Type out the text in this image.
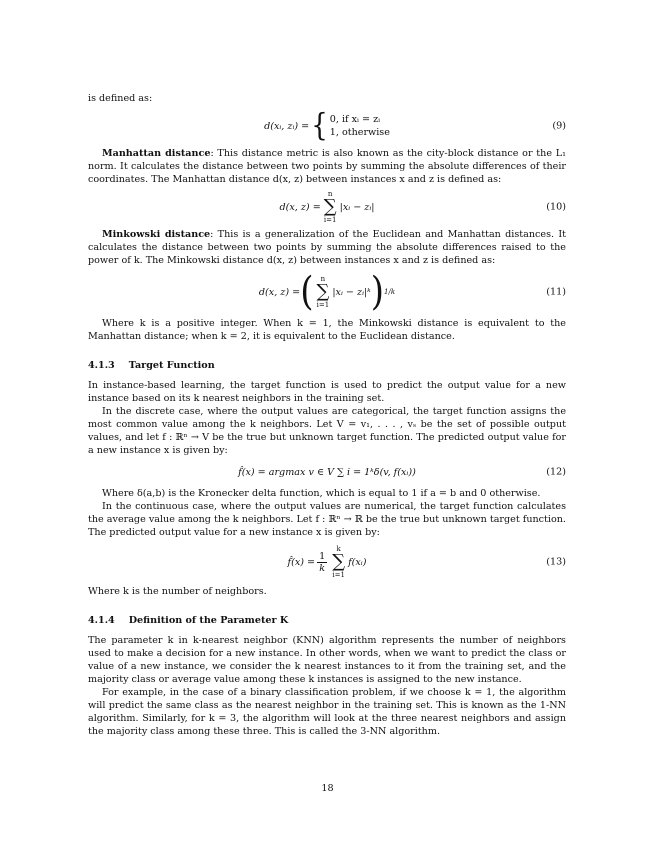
is defined as:

d(xᵢ, zᵢ) = { 0, if xᵢ = zᵢ
1, otherwise
(9)

Manhattan distance: This distance metric is also known as the city-block distance or the L₁ norm. It calculates the distance between two points by summing the absolute differences of their coordinates. The Manhattan distance d(x, z) between instances x and z is defined as:

d(x, z) =
n
∑
i=1
|xᵢ − zᵢ|	(10)

Minkowski distance: This is a generalization of the Euclidean and Manhattan distances. It calculates the distance between two points by summing the absolute differences raised to the power of k. The Minkowski distance d(x, z) between instances x and z is defined as:

d(x, z) = ( n
∑
i=1
|xᵢ − zᵢ|ᵏ ) 1/k	(11)

Where k is a positive integer. When k = 1, the Minkowski distance is equivalent to the Manhattan distance; when k = 2, it is equivalent to the Euclidean distance.

4.1.3 Target Function

In instance-based learning, the target function is used to predict the output value for a new instance based on its k nearest neighbors in the training set.

In the discrete case, where the output values are categorical, the target function assigns the most common value among the k neighbors. Let V = v₁, . . . , vₛ be the set of possible output values, and let f : ℝⁿ → V be the true but unknown target function. The predicted output value for a new instance x is given by:

f̂(x) = argmax v ∈ V ∑ i = 1ᵏδ(v, f(xᵢ))	(12)

Where δ(a,b) is the Kronecker delta function, which is equal to 1 if a = b and 0 otherwise.

In the continuous case, where the output values are numerical, the target function calculates the average value among the k neighbors. Let f : ℝⁿ → ℝ be the true but unknown target function. The predicted output value for a new instance x is given by:

f̂(x) = $\frac{1}{k}$
k
∑
i=1
f(xᵢ)	(13)

Where k is the number of neighbors.

4.1.4 Definition of the Parameter K

The parameter k in k-nearest neighbor (KNN) algorithm represents the number of neighbors used to make a decision for a new instance. In other words, when we want to predict the class or value of a new instance, we consider the k nearest instances to it from the training set, and the majority class or average value among these k instances is assigned to the new instance.

For example, in the case of a binary classification problem, if we choose k = 1, the algorithm will predict the same class as the nearest neighbor in the training set. This is known as the 1-NN algorithm. Similarly, for k = 3, the algorithm will look at the three nearest neighbors and assign the majority class among these three. This is called the 3-NN algorithm.

18
